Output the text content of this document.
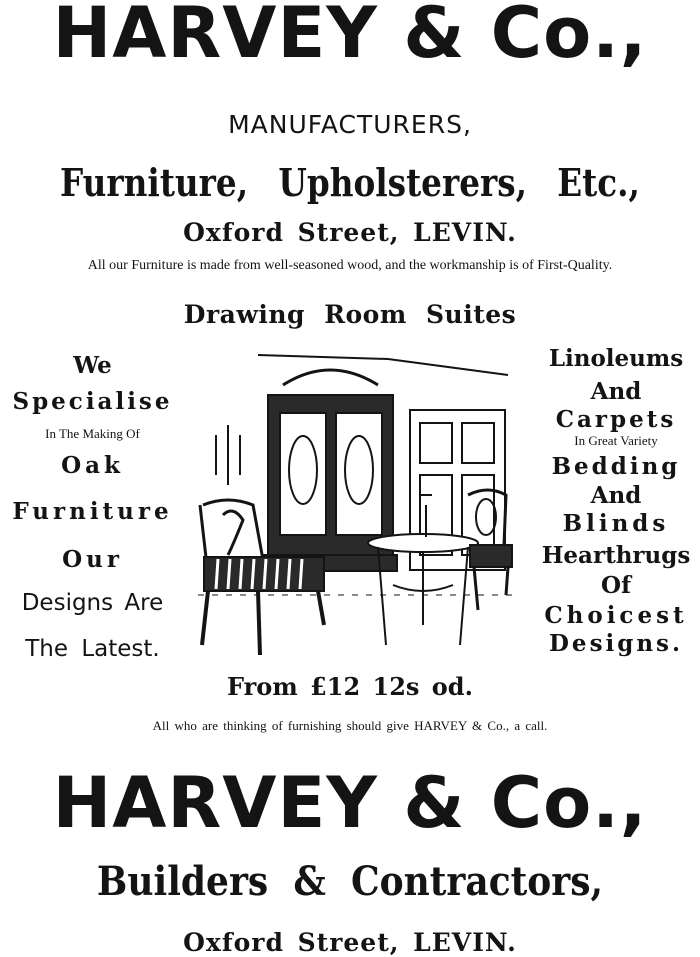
HARVEY & Co.,
MANUFACTURERS,
Furniture, Upholsterers, Etc.,
Oxford Street, LEVIN.
All our Furniture is made from well-seasoned wood, and the workmanship is of First-Quality.
Drawing Room Suites
We
Specialise
In The Making Of
Oak
Furniture
Our
Designs Are
The Latest.
Linoleums
And
Carpets
In Great Variety
Bedding
And
Blinds
Hearthrugs
Of
Choicest
Designs.
From £12 12s od.
All who are thinking of furnishing should give HARVEY & Co., a call.
HARVEY & Co.,
Builders & Contractors,
Oxford Street, LEVIN.
